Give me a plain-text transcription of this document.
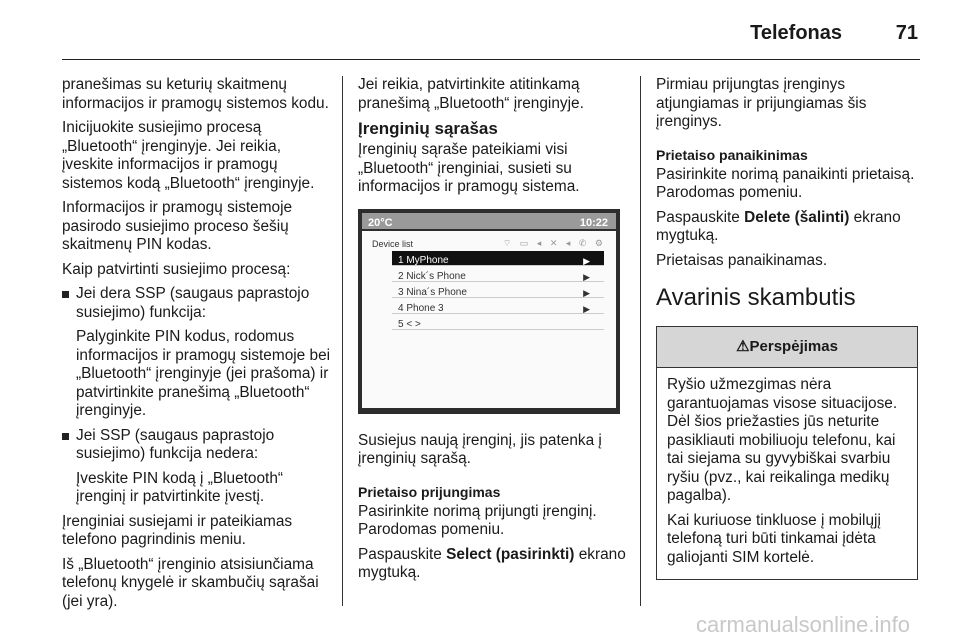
Telefonas	71

pranešimas su keturių skaitmenų informacijos ir pramogų sistemos kodu.

Inicijuokite susiejimo procesą „Bluetooth“ įrenginyje. Jei reikia, įveskite informacijos ir pramogų sistemos kodą „Bluetooth“ įrenginyje.

Informacijos ir pramogų sistemoje pasirodo susiejimo proceso šešių skaitmenų PIN kodas.

Kaip patvirtinti susiejimo procesą:

Jei dera SSP (saugaus paprastojo susiejimo) funkcija:
Palyginkite PIN kodus, rodomus informacijos ir pramogų sistemoje bei „Bluetooth“ įrenginyje (jei prašoma) ir patvirtinkite pranešimą „Bluetooth“ įrenginyje.
Jei SSP (saugaus paprastojo susiejimo) funkcija nedera:
Įveskite PIN kodą į „Bluetooth“ įrenginį ir patvirtinkite įvestį.

Įrenginiai susiejami ir pateikiamas telefono pagrindinis meniu.

Iš „Bluetooth“ įrenginio atsisiunčiama telefonų knygelė ir skambučių sąrašai (jei yra).

Jei reikia, patvirtinkite atitinkamą pranešimą „Bluetooth“ įrenginyje.

Įrenginių sąrašas

Įrenginių sąraše pateikiami visi „Bluetooth“ įrenginiai, susieti su informacijos ir pramogų sistema.

20°C	10:22
Device list	⌔ ▭ ◂ ✕ ◂ ✆ ⚙
1 MyPhone	▶
2 Nick´s Phone	▶
3 Nina´s Phone	▶
4 Phone 3	▶
5 < >

Susiejus naują įrenginį, jis patenka į įrenginių sąrašą.

Prietaiso prijungimas

Pasirinkite norimą prijungti įrenginį. Parodomas pomeniu.

Paspauskite Select (pasirinkti) ekrano mygtuką.

Pirmiau prijungtas įrenginys atjungiamas ir prijungiamas šis įrenginys.

Prietaiso panaikinimas

Pasirinkite norimą panaikinti prietaisą. Parodomas pomeniu.

Paspauskite Delete (šalinti) ekrano mygtuką.

Prietaisas panaikinamas.

Avarinis skambutis
⚠Perspėjimas

Ryšio užmezgimas nėra garantuojamas visose situacijose. Dėl šios priežasties jūs neturite pasikliauti mobiliuoju telefonu, kai tai siejama su gyvybiškai svarbiu ryšiu (pvz., kai reikalinga medikų pagalba).

Kai kuriuose tinkluose į mobilųjį telefoną turi būti tinkamai įdėta galiojanti SIM kortelė.

carmanualsonline.info
